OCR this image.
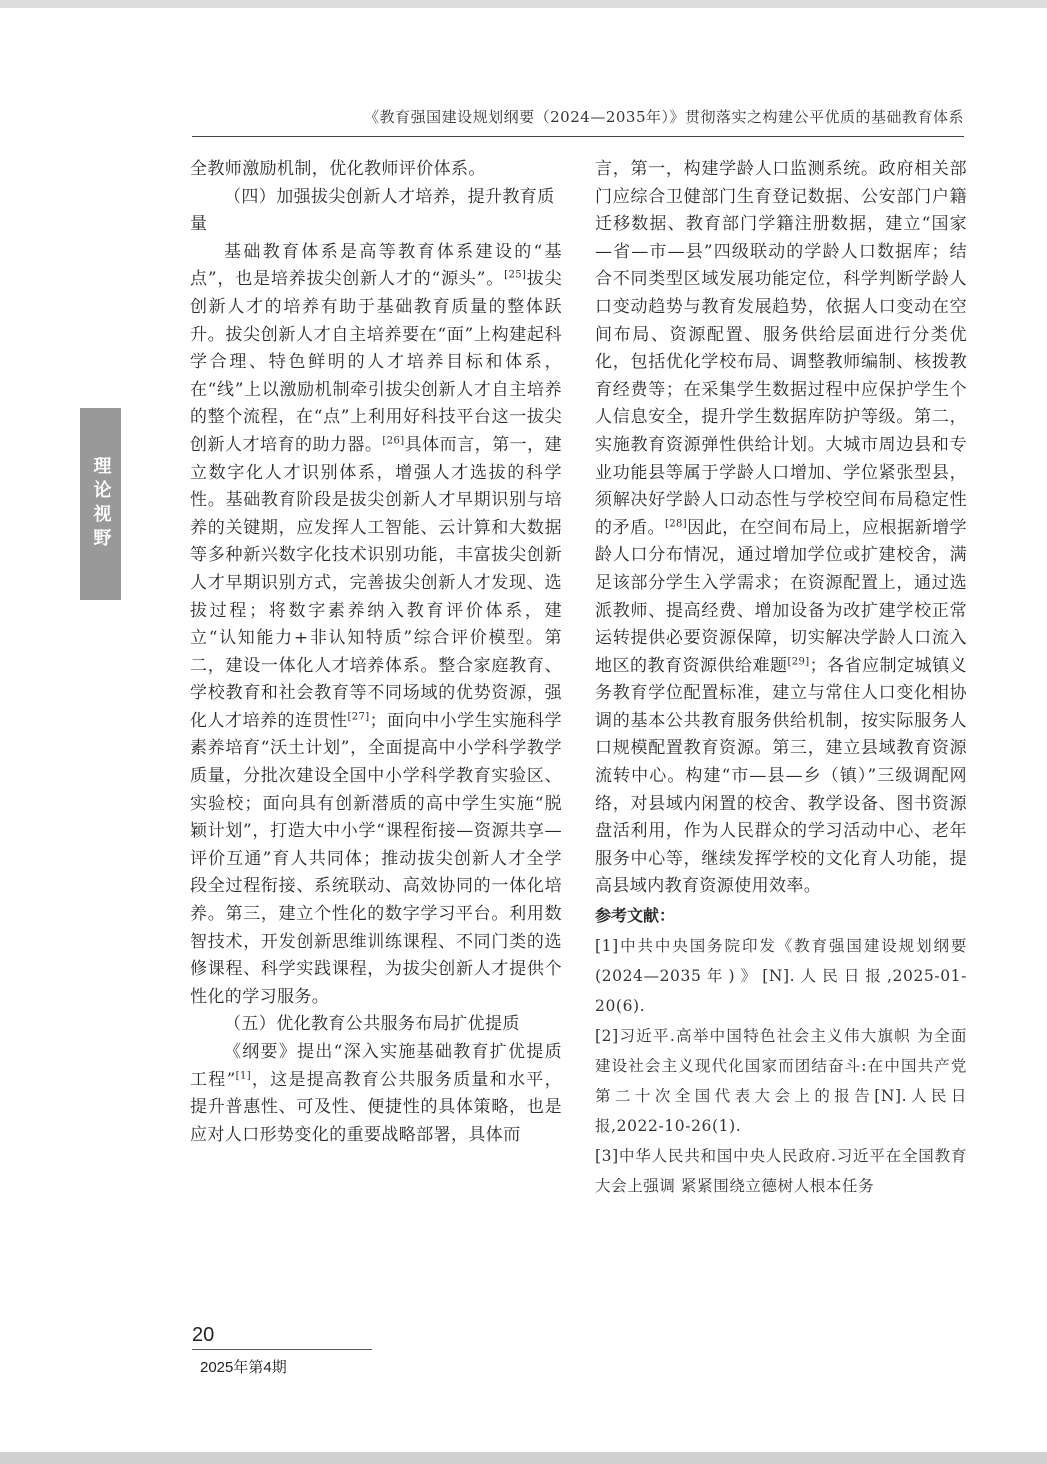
《教育强国建设规划纲要（2024—2035年）》贯彻落实之构建公平优质的基础教育体系
理论视野

全教师激励机制，优化教师评价体系。

（四）加强拔尖创新人才培养，提升教育质量

基础教育体系是高等教育体系建设的“基点”，也是培养拔尖创新人才的“源头”。[25]拔尖创新人才的培养有助于基础教育质量的整体跃升。拔尖创新人才自主培养要在“面”上构建起科学合理、特色鲜明的人才培养目标和体系，在“线”上以激励机制牵引拔尖创新人才自主培养的整个流程，在“点”上利用好科技平台这一拔尖创新人才培育的助力器。[26]具体而言，第一，建立数字化人才识别体系，增强人才选拔的科学性。基础教育阶段是拔尖创新人才早期识别与培养的关键期，应发挥人工智能、云计算和大数据等多种新兴数字化技术识别功能，丰富拔尖创新人才早期识别方式，完善拔尖创新人才发现、选拔过程；将数字素养纳入教育评价体系，建立“认知能力+非认知特质”综合评价模型。第二，建设一体化人才培养体系。整合家庭教育、学校教育和社会教育等不同场域的优势资源，强化人才培养的连贯性[27]；面向中小学生实施科学素养培育“沃土计划”，全面提高中小学科学教学质量，分批次建设全国中小学科学教育实验区、实验校；面向具有创新潜质的高中学生实施“脱颖计划”，打造大中小学“课程衔接—资源共享—评价互通”育人共同体；推动拔尖创新人才全学段全过程衔接、系统联动、高效协同的一体化培养。第三，建立个性化的数字学习平台。利用数智技术，开发创新思维训练课程、不同门类的选修课程、科学实践课程，为拔尖创新人才提供个性化的学习服务。

（五）优化教育公共服务布局扩优提质

《纲要》提出“深入实施基础教育扩优提质工程”[1]，这是提高教育公共服务质量和水平，提升普惠性、可及性、便捷性的具体策略，也是应对人口形势变化的重要战略部署，具体而

言，第一，构建学龄人口监测系统。政府相关部门应综合卫健部门生育登记数据、公安部门户籍迁移数据、教育部门学籍注册数据，建立“国家—省—市—县”四级联动的学龄人口数据库；结合不同类型区域发展功能定位，科学判断学龄人口变动趋势与教育发展趋势，依据人口变动在空间布局、资源配置、服务供给层面进行分类优化，包括优化学校布局、调整教师编制、核拨教育经费等；在采集学生数据过程中应保护学生个人信息安全，提升学生数据库防护等级。第二，实施教育资源弹性供给计划。大城市周边县和专业功能县等属于学龄人口增加、学位紧张型县，须解决好学龄人口动态性与学校空间布局稳定性的矛盾。[28]因此，在空间布局上，应根据新增学龄人口分布情况，通过增加学位或扩建校舍，满足该部分学生入学需求；在资源配置上，通过选派教师、提高经费、增加设备为改扩建学校正常运转提供必要资源保障，切实解决学龄人口流入地区的教育资源供给难题[29]；各省应制定城镇义务教育学位配置标准，建立与常住人口变化相协调的基本公共教育服务供给机制，按实际服务人口规模配置教育资源。第三，建立县域教育资源流转中心。构建“市—县—乡（镇）”三级调配网络，对县域内闲置的校舍、教学设备、图书资源盘活利用，作为人民群众的学习活动中心、老年服务中心等，继续发挥学校的文化育人功能，提高县域内教育资源使用效率。

参考文献：

[1]中共中央国务院印发《教育强国建设规划纲要(2024—2035年)》[N].人民日报,2025-01-20(6).

[2]习近平.高举中国特色社会主义伟大旗帜 为全面建设社会主义现代化国家而团结奋斗:在中国共产党第二十次全国代表大会上的报告[N].人民日报,2022-10-26(1).

[3]中华人民共和国中央人民政府.习近平在全国教育大会上强调 紧紧围绕立德树人根本任务

20
2025年第4期
